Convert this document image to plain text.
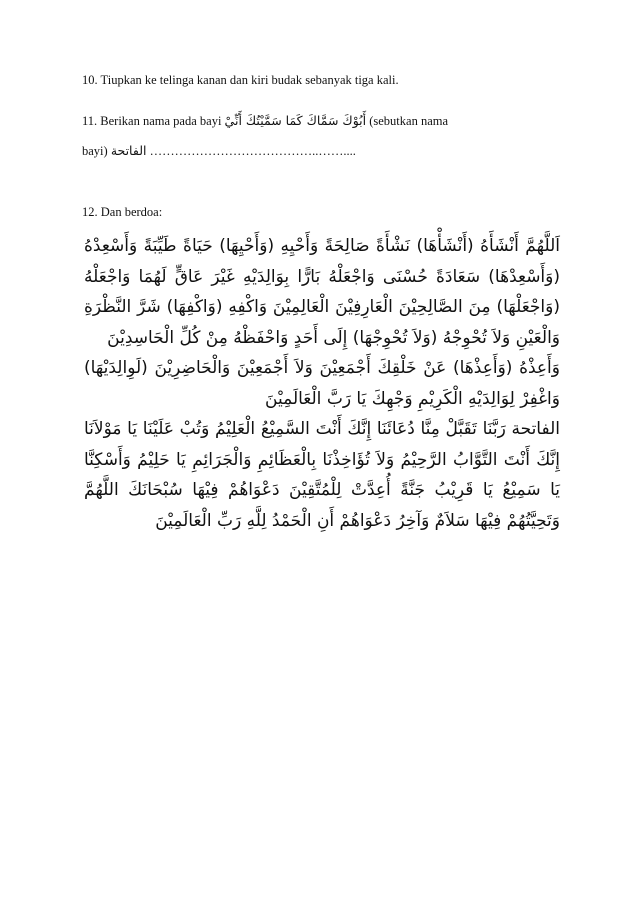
10. Tiupkan ke telinga kanan dan kiri budak sebanyak tiga kali.
11. Berikan nama pada bayi أَبُوْكَ سَمَّاكَ كَمَا سَمَّيْتُكَ أَنِّيْ (sebutkan nama
bayi) الفاتحة …………………………………..……....
12. Dan berdoa:

اَللَّهُمَّ أَنْشَأَهُ (أَنْشَأْهَا) نَشْأَةً صَالِحَةً وَأَحْيِهِ (وَأَحْيِهَا) حَيَاةً طَيِّبَةً وَأَسْعِدْهُ (وَأَسْعِدْهَا) سَعَادَةً حُسْنَى وَاجْعَلْهُ بَارًّا بِوَالِدَيْهِ غَيْرَ عَاقٍّ لَهُمَا وَاجْعَلْهُ (وَاجْعَلْهَا) مِنَ الصَّالِحِيْنَ الْعَارِفِيْنَ الْعَالِمِيْنَ وَاكْفِهِ (وَاكْفِهَا) شَرَّ النَّظْرَةِ وَالْعَيْنِ وَلاَ تُحْوِجْهُ (وَلاَ تُحْوِجْهَا) إِلَى أَحَدٍ وَاحْفَظْهُ مِنْ كُلِّ الْحَاسِدِيْنَ

وَأَعِذْهُ (وَأَعِذْهَا) عَنْ خَلْقِكَ أَجْمَعِيْنَ وَلاَ أَجْمَعِيْنَ وَالْحَاضِرِيْنَ (لَوِالِدَيْهَا) وَاغْفِرْ لِوَالِدَيْهِ الْكَرِيْمِ وَجْهِكَ يَا رَبَّ الْعَالَمِيْنَ

الفاتحة رَبَّنَا تَقَبَّلْ مِنَّا دُعَائَنَا إِنَّكَ أَنْتَ السَّمِيْعُ الْعَلِيْمُ وَتُبْ عَلَيْنَا يَا مَوْلاَنَا إِنَّكَ أَنْتَ التَّوَّابُ الرَّحِيْمُ وَلاَ تُؤَاخِذْنَا بِالْعَظَائِمِ وَالْجَرَائِمِ يَا حَلِيْمُ وَأَسْكِنَّا يَا سَمِيْعُ يَا قَرِيْبُ جَنَّةً أُعِدَّتْ لِلْمُتَّقِيْنَ دَعْوَاهُمْ فِيْهَا سُبْحَانَكَ اللَّهُمَّ وَتَحِيَّتُهُمْ فِيْهَا سَلاَمٌ وَآخِرُ دَعْوَاهُمْ أَنِ الْحَمْدُ لِلَّهِ رَبِّ الْعَالَمِيْنَ
